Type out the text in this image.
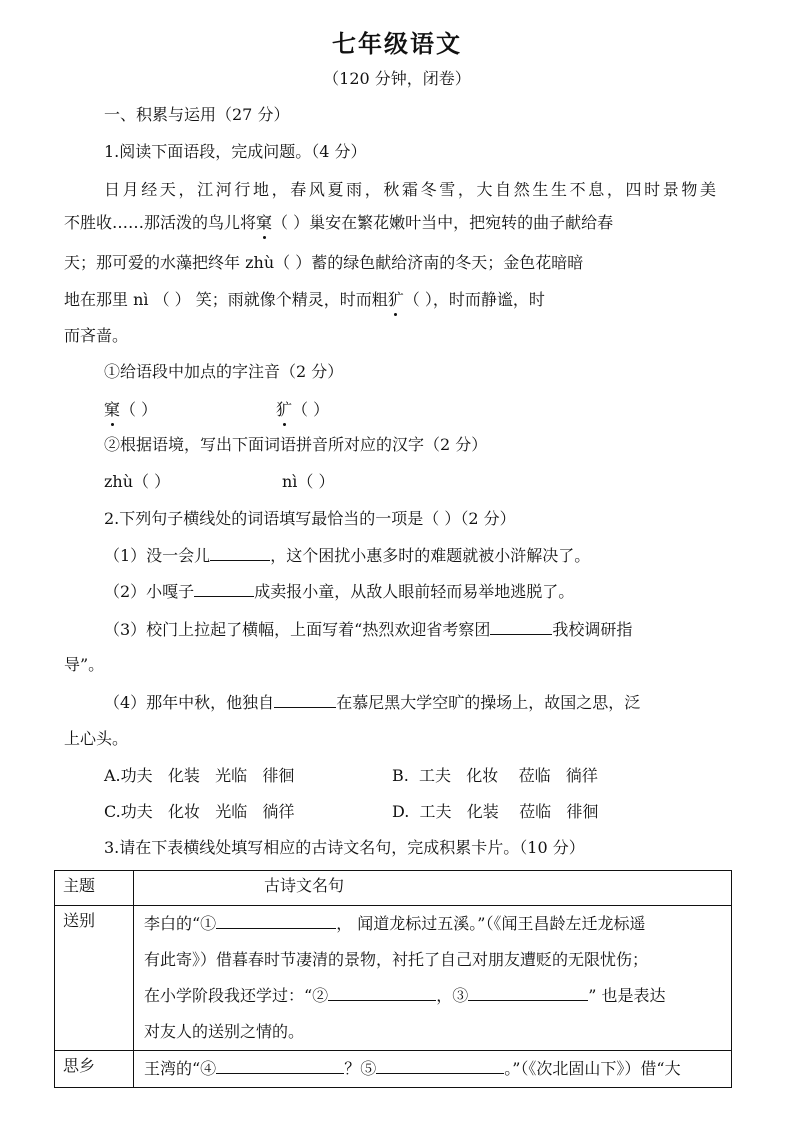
七年级语文
（120 分钟，闭卷）
一、积累与运用（27 分）
1.阅读下面语段，完成问题。（4 分）
日月经天，江河行地，春风夏雨，秋霜冬雪，大自然生生不息，四时景物美
不胜收……那活泼的鸟儿将窠（ ）巢安在繁花嫩叶当中，把宛转的曲子献给春
天；那可爱的水藻把终年 zhù（ ）蓄的绿色献给济南的冬天；金色花暗暗
地在那里 nì （ ） 笑；雨就像个精灵，时而粗犷（ ），时而静谧，时
而吝啬。
①给语段中加点的字注音（2 分）
窠（ ）	犷（ ）
②根据语境，写出下面词语拼音所对应的汉字（2 分）
zhù（ ）	nì（ ）
2.下列句子横线处的词语填写最恰当的一项是（ ）（2 分）
（1）没一会儿	，这个困扰小惠多时的难题就被小浒解决了。
（2）小嘎子	成卖报小童，从敌人眼前轻而易举地逃脱了。
（3）校门上拉起了横幅，上面写着“热烈欢迎省考察团	我校调研指
导”。
（4）那年中秋，他独自	在慕尼黑大学空旷的操场上，故国之思，泛
上心头。
A.功夫   化装   光临   徘徊	B.  工夫   化妆    莅临   徜徉
C.功夫   化妆   光临   徜徉	D.  工夫   化装    莅临   徘徊
3.请在下表横线处填写相应的古诗文名句，完成积累卡片。（10 分）
主题	古诗文名句
送别	李白的“① ， 闻道龙标过五溪。”（《闻王昌龄左迁龙标遥
有此寄》）借暮春时节凄清的景物，衬托了自己对朋友遭贬的无限忧伤；
在小学阶段我还学过：“② ，③ ” 也是表达
对友人的送别之情的。

思乡	王湾的“④ ？⑤ 。”（《次北固山下》）借“大
